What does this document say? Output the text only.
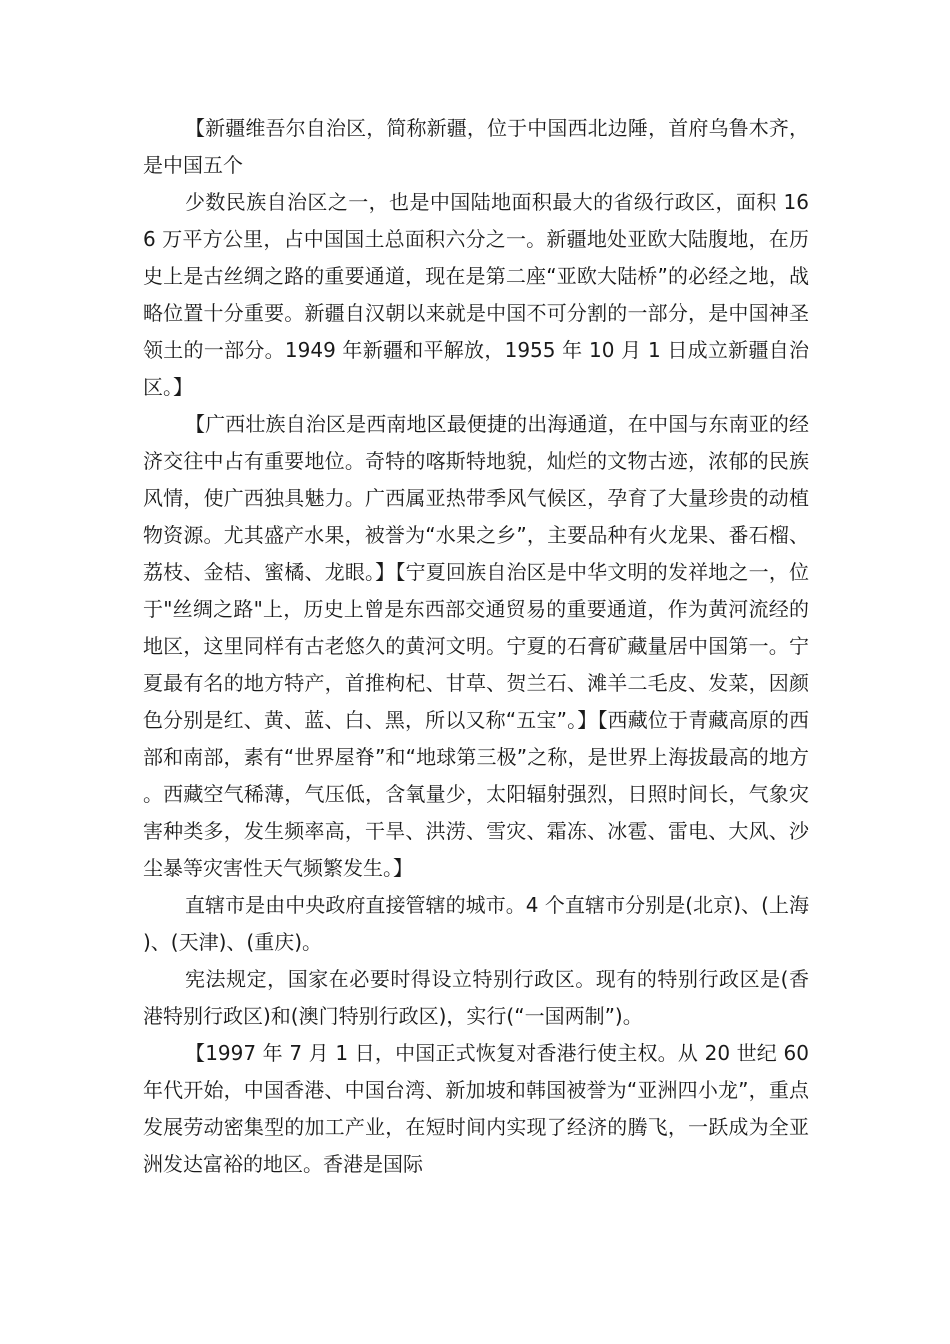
【新疆维吾尔自治区，简称新疆，位于中国西北边陲，首府乌鲁木齐，是中国五个

少数民族自治区之一，也是中国陆地面积最大的省级行政区，面积 166 万平方公里，占中国国土总面积六分之一。新疆地处亚欧大陆腹地，在历史上是古丝绸之路的重要通道，现在是第二座“亚欧大陆桥”的必经之地，战略位置十分重要。新疆自汉朝以来就是中国不可分割的一部分，是中国神圣领土的一部分。1949 年新疆和平解放，1955 年 10 月 1 日成立新疆自治区。】

【广西壮族自治区是西南地区最便捷的出海通道，在中国与东南亚的经济交往中占有重要地位。奇特的喀斯特地貌，灿烂的文物古迹，浓郁的民族风情，使广西独具魅力。广西属亚热带季风气候区，孕育了大量珍贵的动植物资源。尤其盛产水果，被誉为“水果之乡”，主要品种有火龙果、番石榴、荔枝、金桔、蜜橘、龙眼。】【宁夏回族自治区是中华文明的发祥地之一，位于"丝绸之路"上，历史上曾是东西部交通贸易的重要通道，作为黄河流经的地区，这里同样有古老悠久的黄河文明。宁夏的石膏矿藏量居中国第一。宁夏最有名的地方特产，首推枸杞、甘草、贺兰石、滩羊二毛皮、发菜，因颜色分别是红、黄、蓝、白、黑，所以又称“五宝”。】【西藏位于青藏高原的西部和南部，素有“世界屋脊”和“地球第三极”之称，是世界上海拔最高的地方。西藏空气稀薄，气压低，含氧量少，太阳辐射强烈，日照时间长，气象灾害种类多，发生频率高，干旱、洪涝、雪灾、霜冻、冰雹、雷电、大风、沙尘暴等灾害性天气频繁发生。】

直辖市是由中央政府直接管辖的城市。4 个直辖市分别是(北京)、(上海)、(天津)、(重庆)。

宪法规定，国家在必要时得设立特别行政区。现有的特别行政区是(香港特别行政区)和(澳门特别行政区)，实行(“一国两制”)。

【1997 年 7 月 1 日，中国正式恢复对香港行使主权。从 20 世纪 60 年代开始，中国香港、中国台湾、新加坡和韩国被誉为“亚洲四小龙”，重点发展劳动密集型的加工产业，在短时间内实现了经济的腾飞，一跃成为全亚洲发达富裕的地区。香港是国际
